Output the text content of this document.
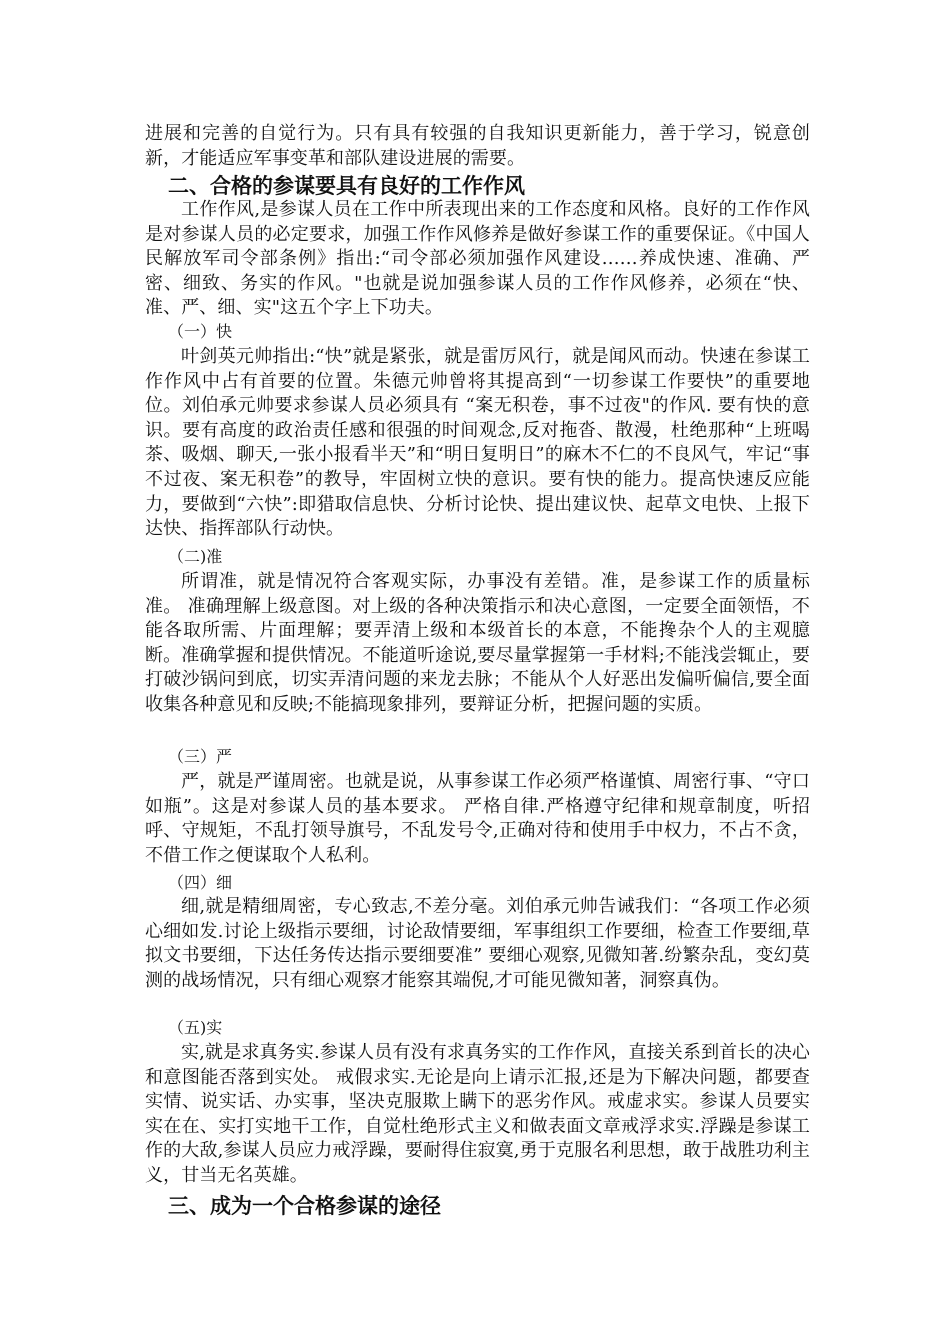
进展和完善的自觉行为。只有具有较强的自我知识更新能力，善于学习，锐意创新，才能适应军事变革和部队建设进展的需要。
二、合格的参谋要具有良好的工作作风
工作作风,是参谋人员在工作中所表现出来的工作态度和风格。良好的工作作风是对参谋人员的必定要求，加强工作作风修养是做好参谋工作的重要保证。《中国人民解放军司令部条例》指出:“司令部必须加强作风建设……养成快速、准确、严密、细致、务实的作风。"也就是说加强参谋人员的工作作风修养，必须在“快、准、严、细、实"这五个字上下功夫。
（一）快
叶剑英元帅指出:“快”就是紧张，就是雷厉风行，就是闻风而动。快速在参谋工作作风中占有首要的位置。朱德元帅曾将其提高到“一切参谋工作要快”的重要地位。刘伯承元帅要求参谋人员必须具有 “案无积卷，事不过夜"的作风. 要有快的意识。要有高度的政治责任感和很强的时间观念,反对拖沓、散漫，杜绝那种“上班喝茶、吸烟、聊天,一张小报看半天”和“明日复明日”的麻木不仁的不良风气，牢记“事不过夜、案无积卷”的教导，牢固树立快的意识。要有快的能力。提高快速反应能力，要做到“六快”:即猎取信息快、分析讨论快、提出建议快、起草文电快、上报下达快、指挥部队行动快。
（二)准
所谓准，就是情况符合客观实际，办事没有差错。准，是参谋工作的质量标准。 准确理解上级意图。对上级的各种决策指示和决心意图，一定要全面领悟，不能各取所需、片面理解；要弄清上级和本级首长的本意，不能搀杂个人的主观臆断。准确掌握和提供情况。不能道听途说,要尽量掌握第一手材料;不能浅尝辄止，要打破沙锅问到底，切实弄清问题的来龙去脉；不能从个人好恶出发偏听偏信,要全面收集各种意见和反映;不能搞现象排列，要辩证分析，把握问题的实质。
（三）严
严，就是严谨周密。也就是说，从事参谋工作必须严格谨慎、周密行事、“守口如瓶”。这是对参谋人员的基本要求。 严格自律.严格遵守纪律和规章制度，听招呼、守规矩，不乱打领导旗号，不乱发号令,正确对待和使用手中权力，不占不贪，不借工作之便谋取个人私利。
（四）细
细,就是精细周密，专心致志,不差分毫。刘伯承元帅告诫我们：“各项工作必须心细如发.讨论上级指示要细，讨论敌情要细，军事组织工作要细，检查工作要细,草拟文书要细，下达任务传达指示要细要准” 要细心观察,见微知著.纷繁杂乱，变幻莫测的战场情况，只有细心观察才能察其端倪,才可能见微知著，洞察真伪。
（五)实
实,就是求真务实.参谋人员有没有求真务实的工作作风，直接关系到首长的决心和意图能否落到实处。 戒假求实.无论是向上请示汇报,还是为下解决问题，都要查实情、说实话、办实事，坚决克服欺上瞒下的恶劣作风。戒虚求实。参谋人员要实实在在、实打实地干工作，自觉杜绝形式主义和做表面文章戒浮求实.浮躁是参谋工作的大敌,参谋人员应力戒浮躁，要耐得住寂寞,勇于克服名利思想，敢于战胜功利主义，甘当无名英雄。
三、成为一个合格参谋的途径
